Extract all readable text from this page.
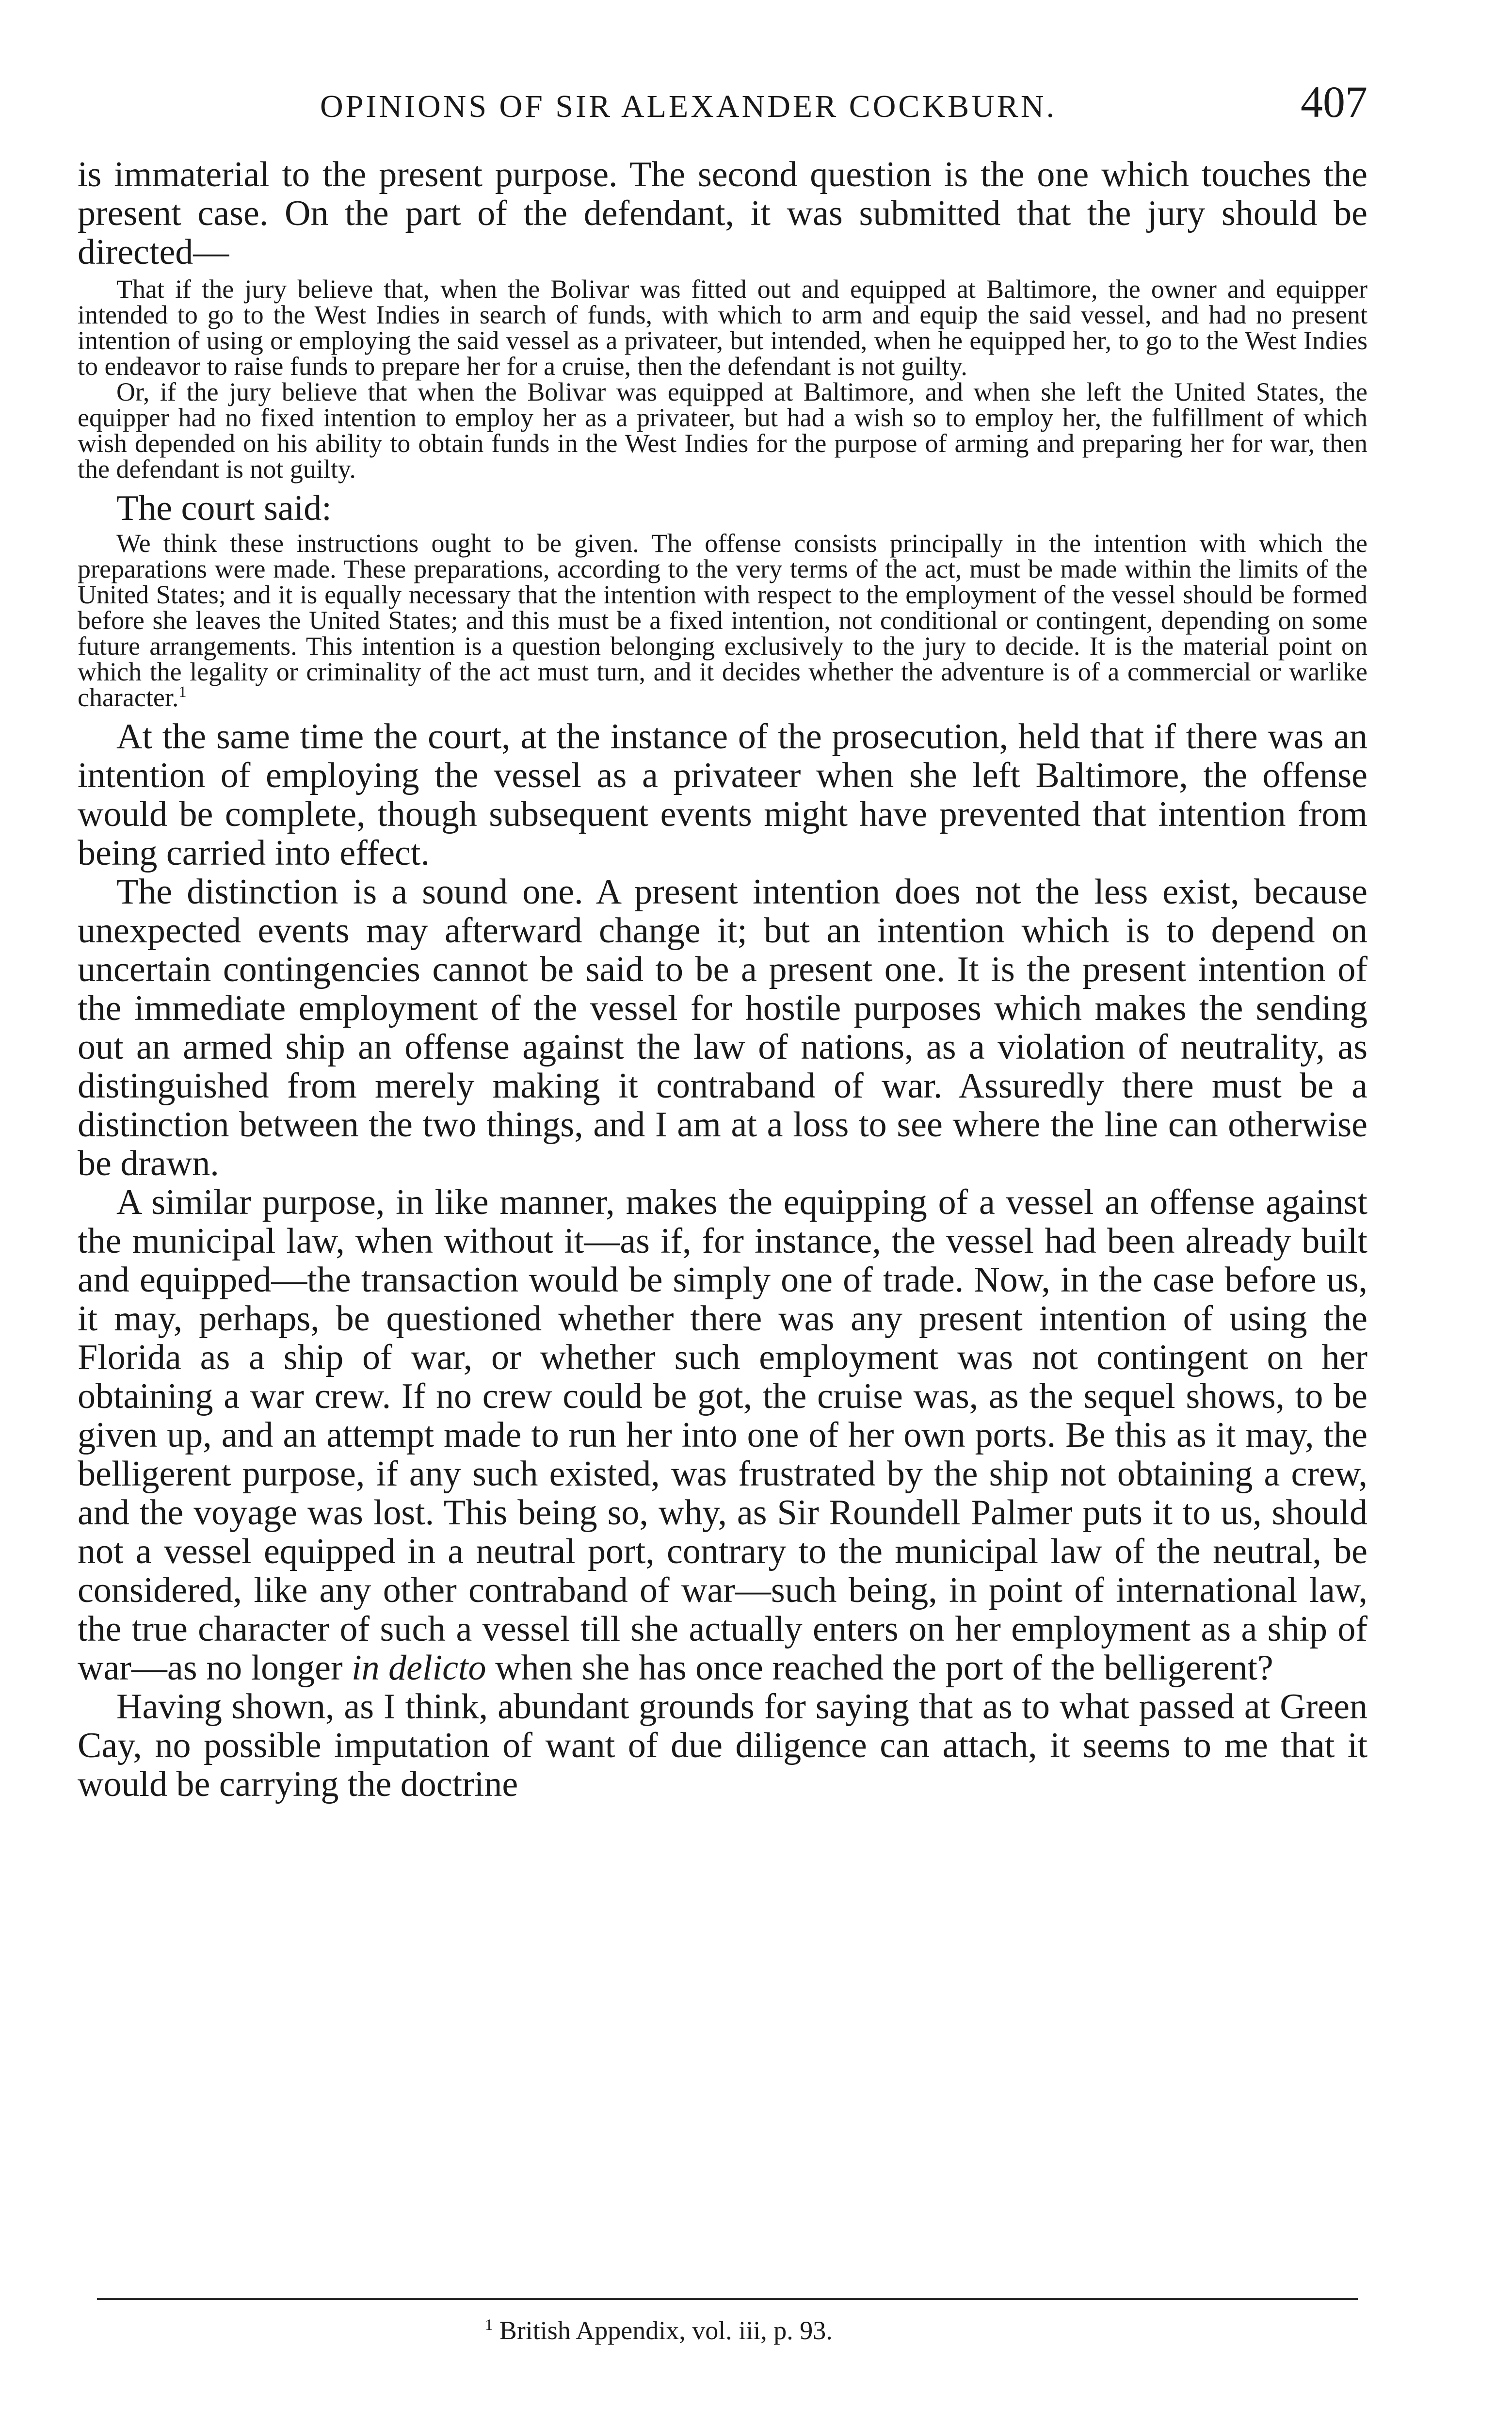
OPINIONS OF SIR ALEXANDER COCKBURN.	407

is immaterial to the present purpose. The second question is the one which touches the present case. On the part of the defendant, it was submitted that the jury should be directed—

That if the jury believe that, when the Bolivar was fitted out and equipped at Baltimore, the owner and equipper intended to go to the West Indies in search of funds, with which to arm and equip the said vessel, and had no present intention of using or employing the said vessel as a privateer, but intended, when he equipped her, to go to the West Indies to endeavor to raise funds to prepare her for a cruise, then the defendant is not guilty.

Or, if the jury believe that when the Bolivar was equipped at Baltimore, and when she left the United States, the equipper had no fixed intention to employ her as a privateer, but had a wish so to employ her, the fulfillment of which wish depended on his ability to obtain funds in the West Indies for the purpose of arming and preparing her for war, then the defendant is not guilty.

The court said:

We think these instructions ought to be given. The offense consists principally in the intention with which the preparations were made. These preparations, according to the very terms of the act, must be made within the limits of the United States; and it is equally necessary that the intention with respect to the employment of the vessel should be formed before she leaves the United States; and this must be a fixed intention, not conditional or contingent, depending on some future arrangements. This intention is a question belonging exclusively to the jury to decide. It is the material point on which the legality or criminality of the act must turn, and it decides whether the adventure is of a commercial or warlike character.$^1$

At the same time the court, at the instance of the prosecution, held that if there was an intention of employing the vessel as a privateer when she left Baltimore, the offense would be complete, though subsequent events might have prevented that intention from being carried into effect.

The distinction is a sound one. A present intention does not the less exist, because unexpected events may afterward change it; but an intention which is to depend on uncertain contingencies cannot be said to be a present one. It is the present intention of the immediate employment of the vessel for hostile purposes which makes the sending out an armed ship an offense against the law of nations, as a violation of neutrality, as distinguished from merely making it contraband of war. Assuredly there must be a distinction between the two things, and I am at a loss to see where the line can otherwise be drawn.

A similar purpose, in like manner, makes the equipping of a vessel an offense against the municipal law, when without it—as if, for instance, the vessel had been already built and equipped—the transaction would be simply one of trade. Now, in the case before us, it may, perhaps, be questioned whether there was any present intention of using the Florida as a ship of war, or whether such employment was not contingent on her obtaining a war crew. If no crew could be got, the cruise was, as the sequel shows, to be given up, and an attempt made to run her into one of her own ports. Be this as it may, the belligerent purpose, if any such existed, was frustrated by the ship not obtaining a crew, and the voyage was lost. This being so, why, as Sir Roundell Palmer puts it to us, should not a vessel equipped in a neutral port, contrary to the municipal law of the neutral, be considered, like any other contraband of war—such being, in point of international law, the true character of such a vessel till she actually enters on her employment as a ship of war—as no longer in delicto when she has once reached the port of the belligerent?

Having shown, as I think, abundant grounds for saying that as to what passed at Green Cay, no possible imputation of want of due diligence can attach, it seems to me that it would be carrying the doctrine

$^1$ British Appendix, vol. iii, p. 93.
